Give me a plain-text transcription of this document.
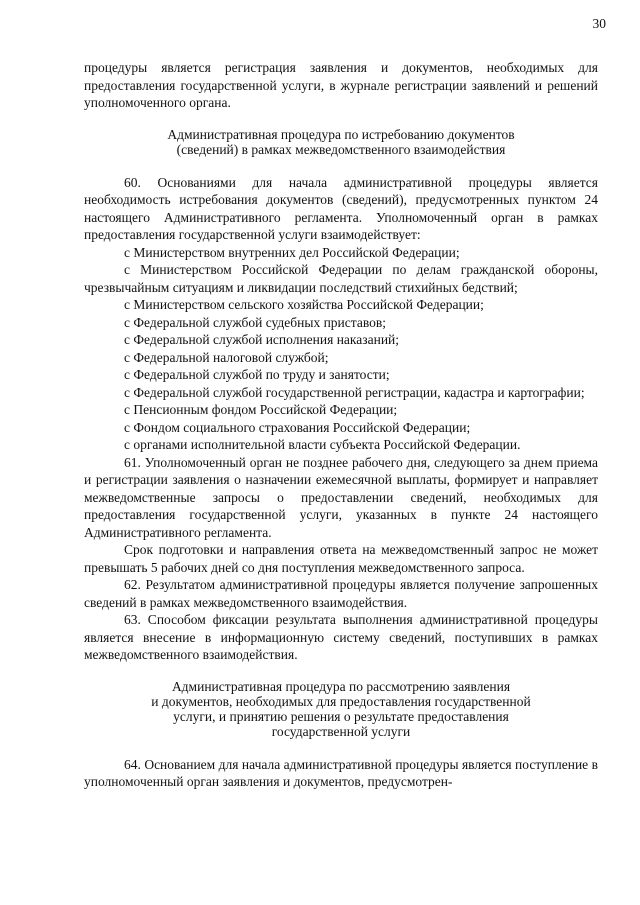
30

процедуры является регистрация заявления и документов, необходимых для предоставления государственной услуги, в журнале регистрации заявлений и решений уполномоченного органа.

Административная процедура по истребованию документов
(сведений) в рамках межведомственного взаимодействия

60. Основаниями для начала административной процедуры является необходимость истребования документов (сведений), предусмотренных пунктом 24 настоящего Административного регламента. Уполномоченный орган в рамках предоставления государственной услуги взаимодействует:

с Министерством внутренних дел Российской Федерации;

с Министерством Российской Федерации по делам гражданской обороны, чрезвычайным ситуациям и ликвидации последствий стихийных бедствий;

с Министерством сельского хозяйства Российской Федерации;

с Федеральной службой судебных приставов;

с Федеральной службой исполнения наказаний;

с Федеральной налоговой службой;

с Федеральной службой по труду и занятости;

с Федеральной службой государственной регистрации, кадастра и картографии;

с Пенсионным фондом Российской Федерации;

с Фондом социального страхования Российской Федерации;

с органами исполнительной власти субъекта Российской Федерации.

61. Уполномоченный орган не позднее рабочего дня, следующего за днем приема и регистрации заявления о назначении ежемесячной выплаты, формирует и направляет межведомственные запросы о предоставлении сведений, необходимых для предоставления государственной услуги, указанных в пункте 24 настоящего Административного регламента.

Срок подготовки и направления ответа на межведомственный запрос не может превышать 5 рабочих дней со дня поступления межведомственного запроса.

62. Результатом административной процедуры является получение запрошенных сведений в рамках межведомственного взаимодействия.

63. Способом фиксации результата выполнения административной процедуры является внесение в информационную систему сведений, поступивших в рамках межведомственного взаимодействия.

Административная процедура по рассмотрению заявления
и документов, необходимых для предоставления государственной
услуги, и принятию решения о результате предоставления
государственной услуги

64. Основанием для начала административной процедуры является поступление в уполномоченный орган заявления и документов, предусмотрен-
